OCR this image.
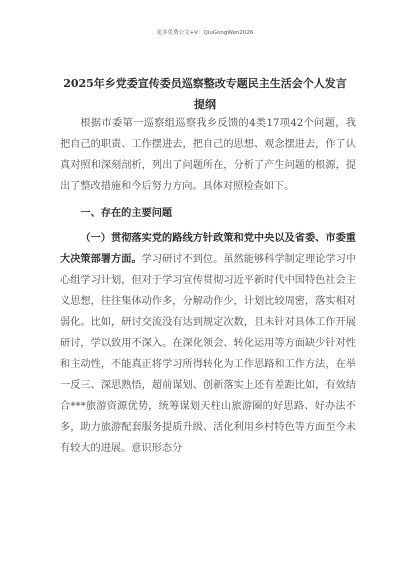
更多免费公文+V：QiuGongWen2026
2025年乡党委宣传委员巡察整改专题民主生活会个人发言提纲

根据市委第一巡察组巡察我乡反馈的4类17项42个问题，我把自己的职责、工作摆进去，把自己的思想、观念摆进去，作了认真对照和深刻剖析，列出了问题所在，分析了产生问题的根源，提出了整改措施和今后努力方向。具体对照检查如下。

一、存在的主要问题

（一）贯彻落实党的路线方针政策和党中央以及省委、市委重大决策部署方面。学习研讨不到位。虽然能够科学制定理论学习中心组学习计划，但对于学习宣传贯彻习近平新时代中国特色社会主义思想，往往集体动作多，分解动作少，计划比较周密，落实相对弱化。比如，研讨交流没有达到规定次数，且未针对具体工作开展研讨，学以致用不深入。在深化领会、转化运用等方面缺少针对性和主动性，不能真正将学习所得转化为工作思路和工作方法，在举一反三、深思熟悟，超前谋划、创新落实上还有差距比如，有效结合***旅游资源优势，统筹谋划天柱山旅游圈的好思路、好办法不多，助力旅游配套服务提质升级、活化利用乡村特色等方面至今未有较大的进展。意识形态分
